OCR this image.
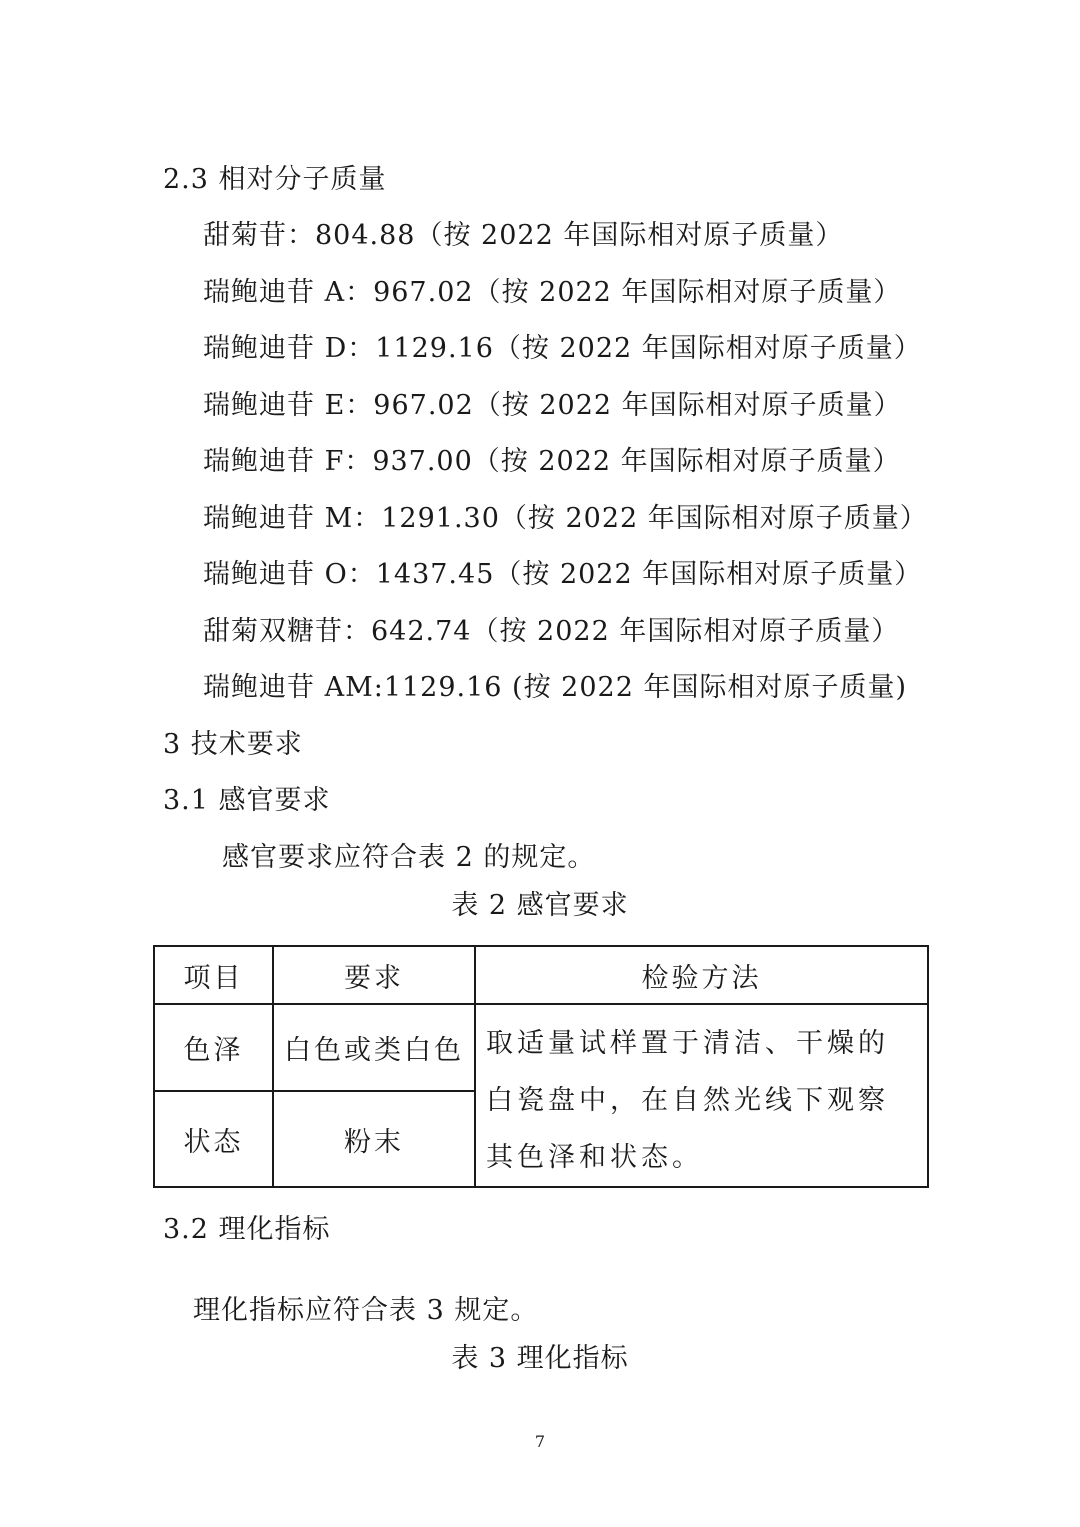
2.3 相对分子质量
甜菊苷：804.88（按 2022 年国际相对原子质量）
瑞鲍迪苷 A：967.02（按 2022 年国际相对原子质量）
瑞鲍迪苷 D：1129.16（按 2022 年国际相对原子质量）
瑞鲍迪苷 E：967.02（按 2022 年国际相对原子质量）
瑞鲍迪苷 F：937.00（按 2022 年国际相对原子质量）
瑞鲍迪苷 M：1291.30（按 2022 年国际相对原子质量）
瑞鲍迪苷 O：1437.45（按 2022 年国际相对原子质量）
甜菊双糖苷：642.74（按 2022 年国际相对原子质量）
瑞鲍迪苷 AM:1129.16 (按 2022 年国际相对原子质量)
3 技术要求
3.1 感官要求
感官要求应符合表 2 的规定。
表 2 感官要求
项目	要求	检验方法
色泽	白色或类白色	取适量试样置于清洁、干燥的白瓷盘中，在自然光线下观察其色泽和状态。
状态	粉末	
3.2 理化指标
理化指标应符合表 3 规定。
表 3 理化指标
7
